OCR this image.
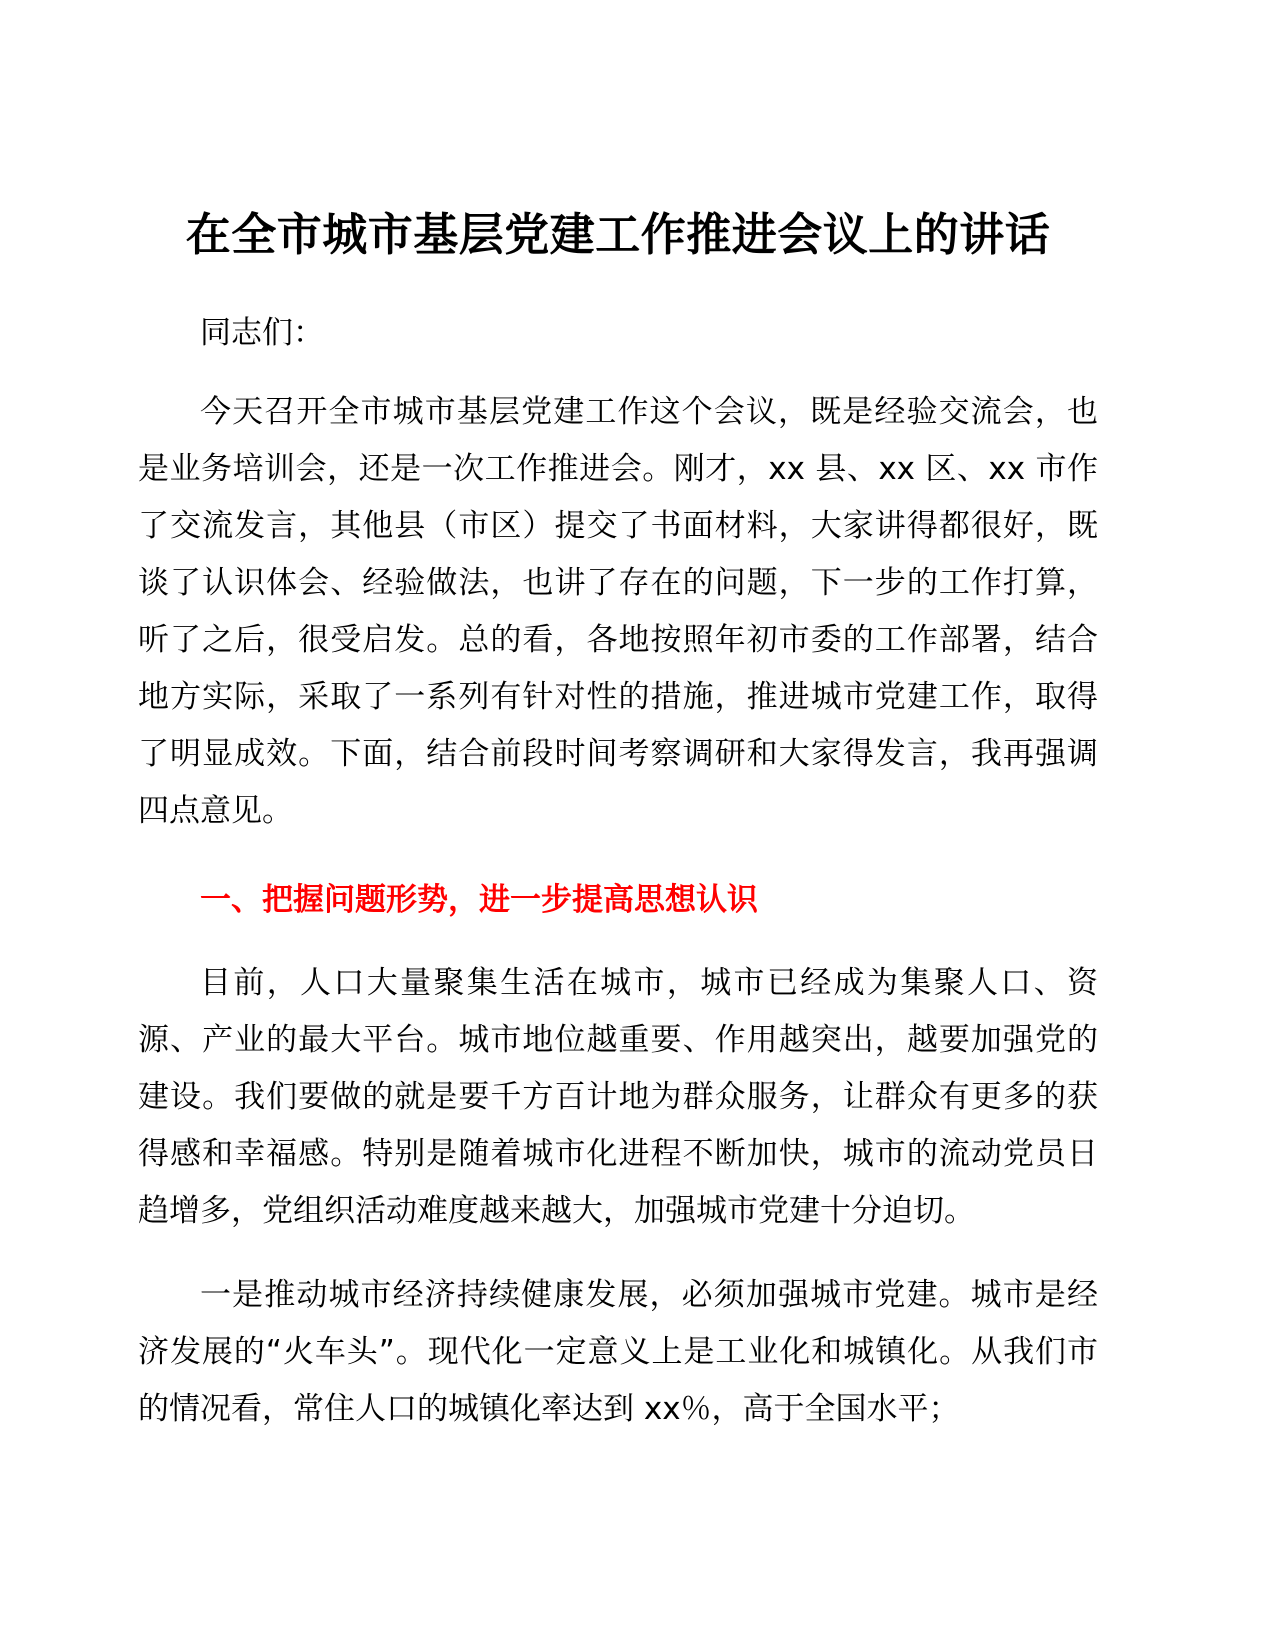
在全市城市基层党建工作推进会议上的讲话

同志们：

今天召开全市城市基层党建工作这个会议，既是经验交流会，也是业务培训会，还是一次工作推进会。刚才，xx 县、xx 区、xx 市作了交流发言，其他县（市区）提交了书面材料，大家讲得都很好，既谈了认识体会、经验做法，也讲了存在的问题，下一步的工作打算，听了之后，很受启发。总的看，各地按照年初市委的工作部署，结合地方实际，采取了一系列有针对性的措施，推进城市党建工作，取得了明显成效。下面，结合前段时间考察调研和大家得发言，我再强调四点意见。

一、把握问题形势，进一步提高思想认识

目前，人口大量聚集生活在城市，城市已经成为集聚人口、资源、产业的最大平台。城市地位越重要、作用越突出，越要加强党的建设。我们要做的就是要千方百计地为群众服务，让群众有更多的获得感和幸福感。特别是随着城市化进程不断加快，城市的流动党员日趋增多，党组织活动难度越来越大，加强城市党建十分迫切。

一是推动城市经济持续健康发展，必须加强城市党建。城市是经济发展的“火车头”。现代化一定意义上是工业化和城镇化。从我们市的情况看，常住人口的城镇化率达到 xx％，高于全国水平；
